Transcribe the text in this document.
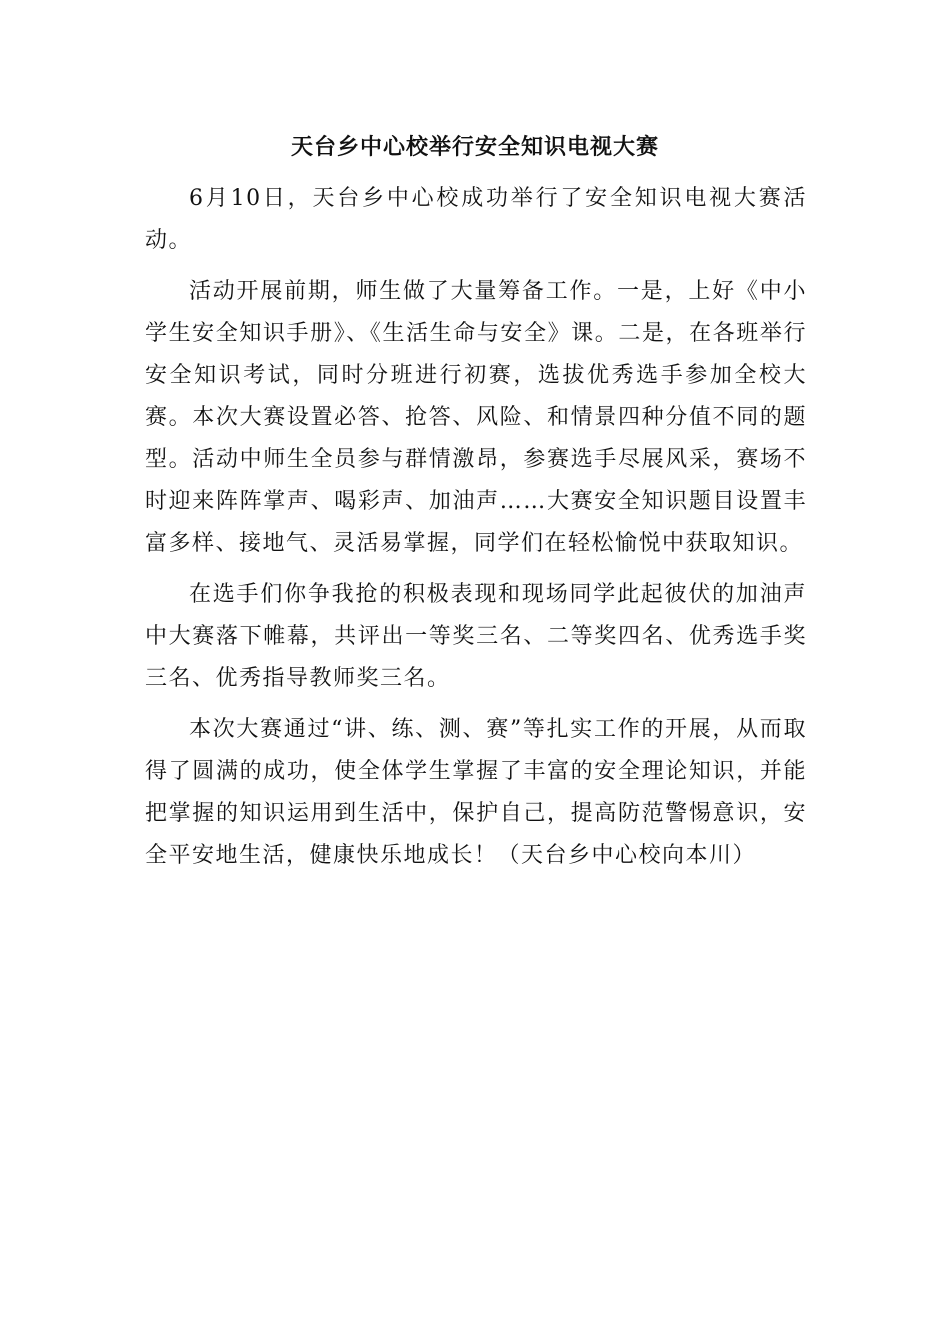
天台乡中心校举行安全知识电视大赛

6月10日，天台乡中心校成功举行了安全知识电视大赛活动。

活动开展前期，师生做了大量筹备工作。一是，上好《中小学生安全知识手册》、《生活生命与安全》课。二是，在各班举行安全知识考试，同时分班进行初赛，选拔优秀选手参加全校大赛。本次大赛设置必答、抢答、风险、和情景四种分值不同的题型。活动中师生全员参与群情激昂，参赛选手尽展风采，赛场不时迎来阵阵掌声、喝彩声、加油声……大赛安全知识题目设置丰富多样、接地气、灵活易掌握，同学们在轻松愉悦中获取知识。

在选手们你争我抢的积极表现和现场同学此起彼伏的加油声中大赛落下帷幕，共评出一等奖三名、二等奖四名、优秀选手奖三名、优秀指导教师奖三名。

本次大赛通过“讲、练、测、赛”等扎实工作的开展，从而取得了圆满的成功，使全体学生掌握了丰富的安全理论知识，并能把掌握的知识运用到生活中，保护自己，提高防范警惕意识，安全平安地生活，健康快乐地成长！（天台乡中心校向本川）
